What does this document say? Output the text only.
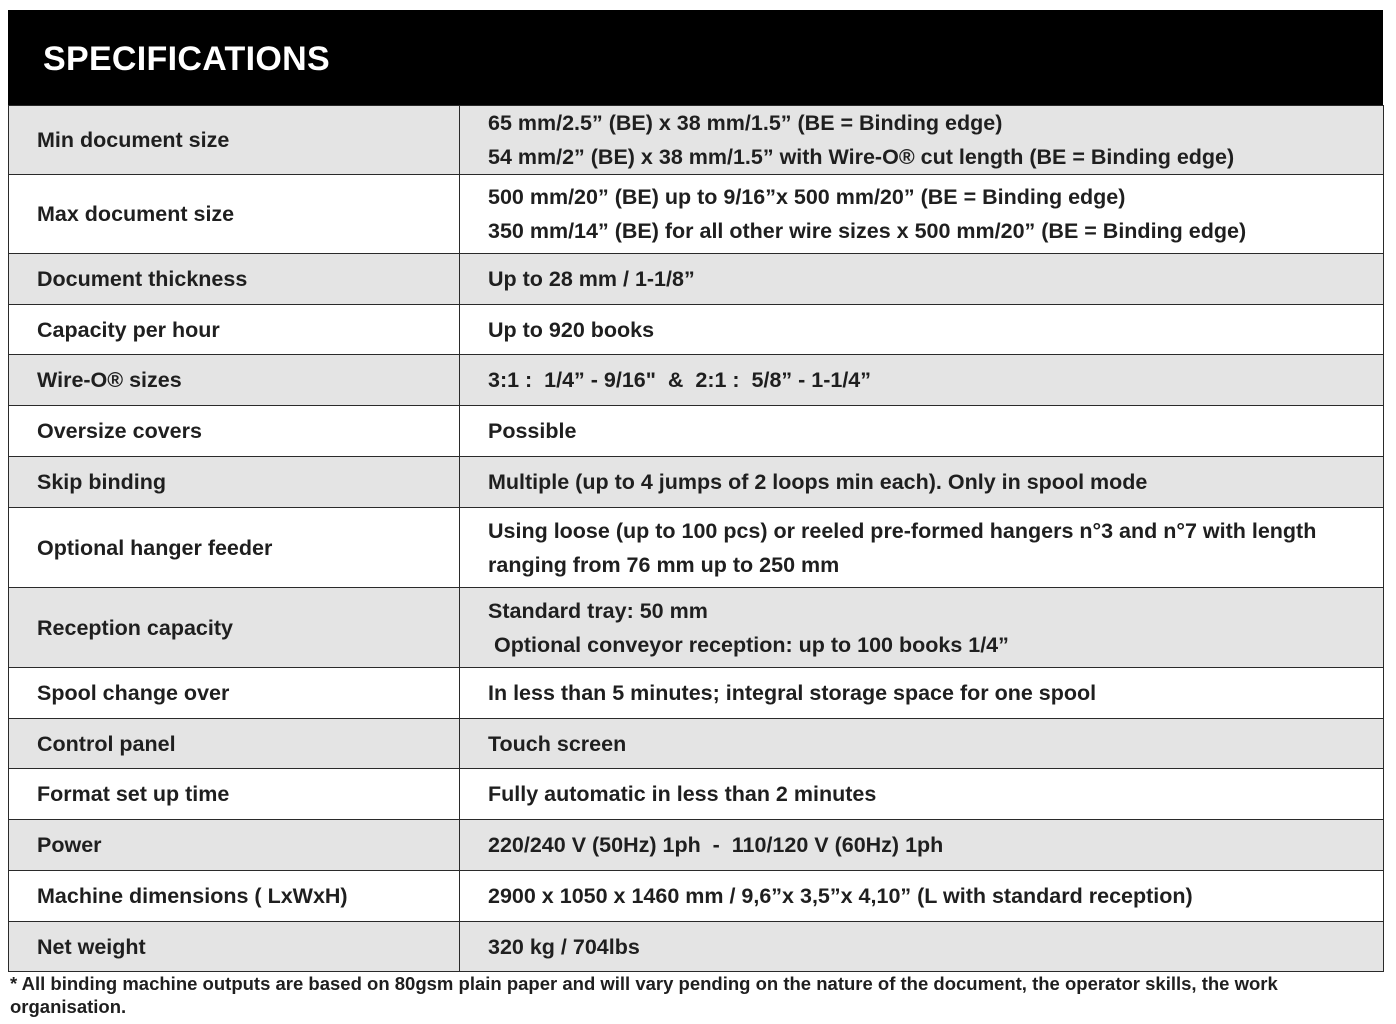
SPECIFICATIONS
Min document size	65 mm/2.5” (BE) x 38 mm/1.5” (BE = Binding edge)
54 mm/2” (BE) x 38 mm/1.5” with Wire-O® cut length (BE = Binding edge)

Max document size	500 mm/20” (BE) up to 9/16”x 500 mm/20” (BE = Binding edge)
350 mm/14” (BE) for all other wire sizes x 500 mm/20” (BE = Binding edge)

Document thickness	Up to 28 mm / 1-1/8”

Capacity per hour	Up to 920 books

Wire-O® sizes	3:1 :  1/4” - 9/16"  &  2:1 :  5/8” - 1-1/4”

Oversize covers	Possible

Skip binding	Multiple (up to 4 jumps of 2 loops min each). Only in spool mode

Optional hanger feeder	Using loose (up to 100 pcs) or reeled pre-formed hangers n°3 and n°7 with length
ranging from 76 mm up to 250 mm

Reception capacity	Standard tray: 50 mm
Optional conveyor reception: up to 100 books 1/4”

Spool change over	In less than 5 minutes; integral storage space for one spool

Control panel	Touch screen

Format set up time	Fully automatic in less than 2 minutes

Power	220/240 V (50Hz) 1ph  -  110/120 V (60Hz) 1ph

Machine dimensions ( LxWxH)	2900 x 1050 x 1460 mm / 9,6”x 3,5”x 4,10” (L with standard reception)

Net weight	320 kg / 704lbs
* All binding machine outputs are based on 80gsm plain paper and will vary pending on the nature of the document, the operator skills, the work organisation.
